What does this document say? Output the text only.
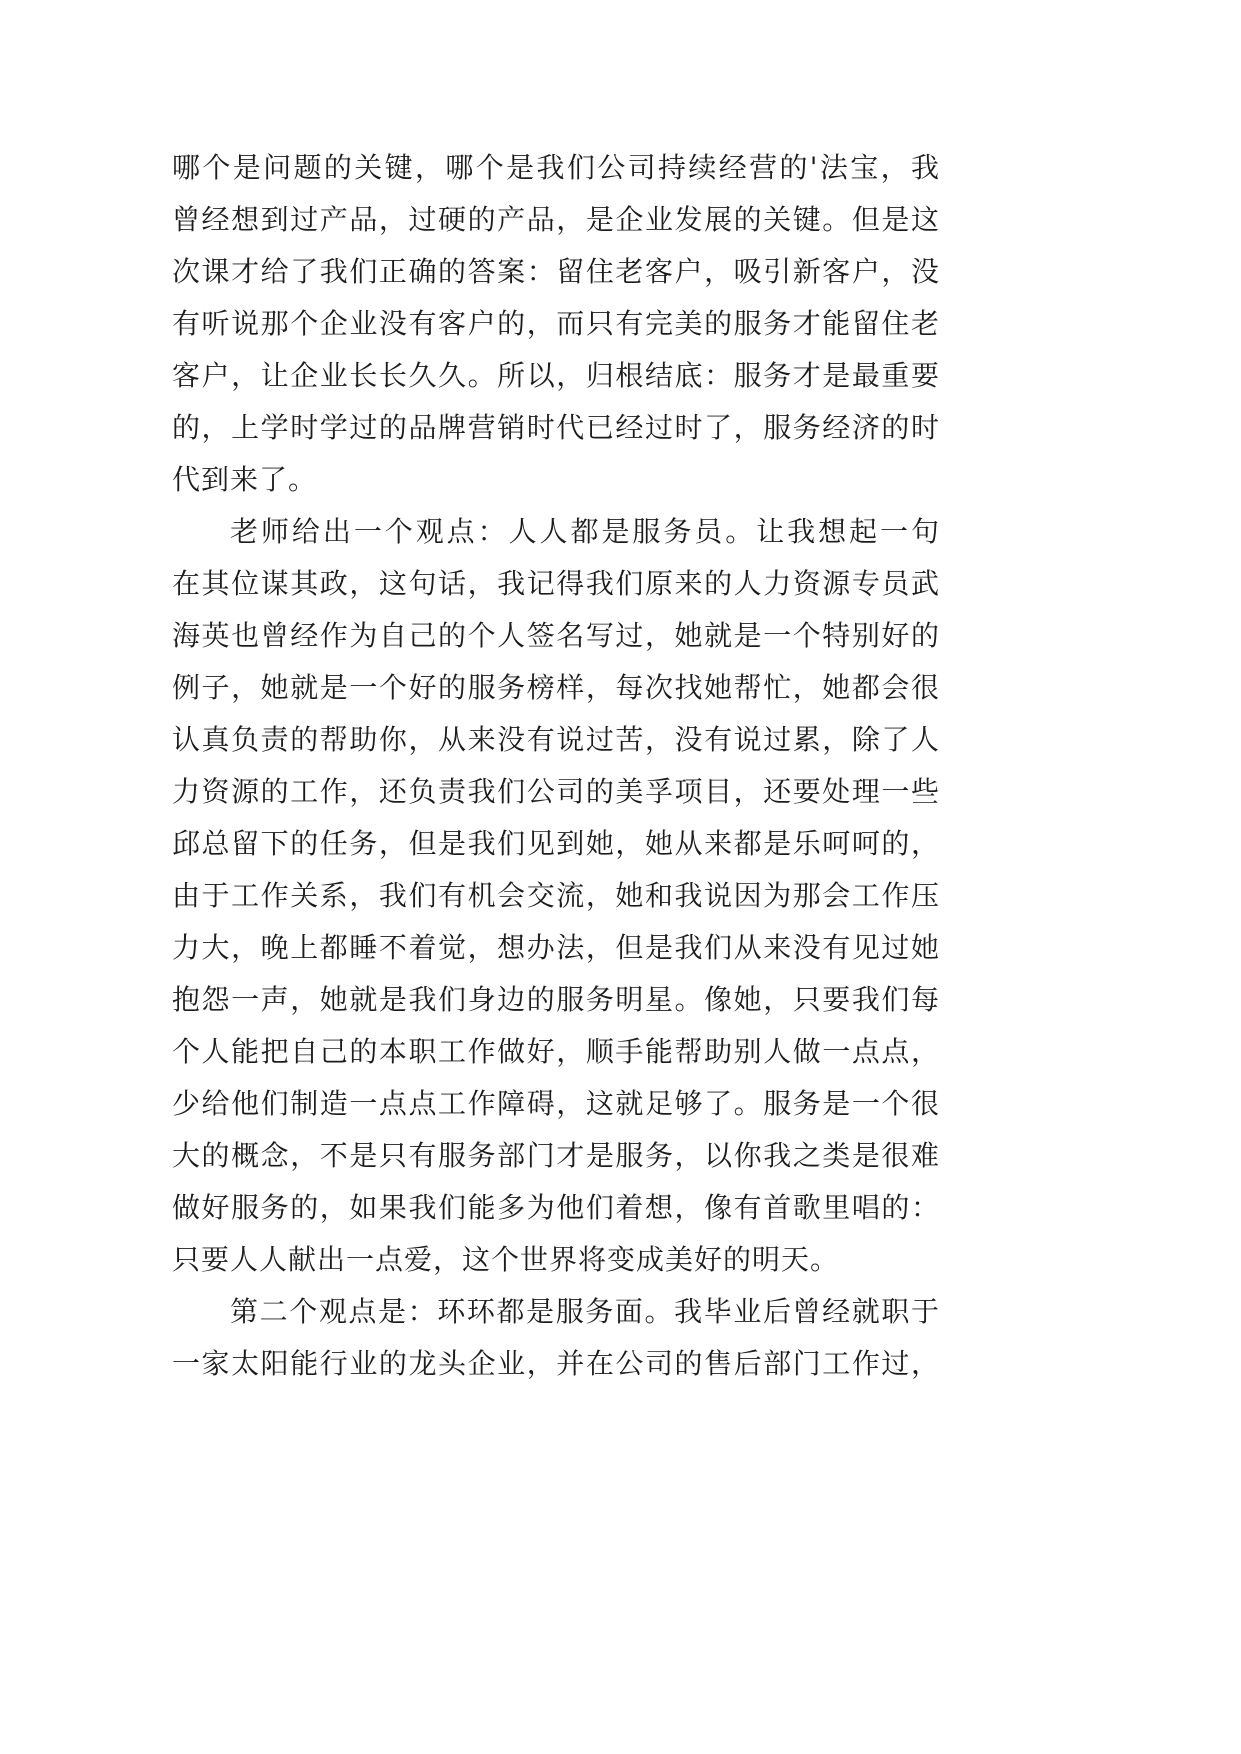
哪个是问题的关键，哪个是我们公司持续经营的'法宝，我
曾经想到过产品，过硬的产品，是企业发展的关键。但是这
次课才给了我们正确的答案：留住老客户，吸引新客户，没
有听说那个企业没有客户的，而只有完美的服务才能留住老
客户，让企业长长久久。所以，归根结底：服务才是最重要
的，上学时学过的品牌营销时代已经过时了，服务经济的时
代到来了。
老师给出一个观点：人人都是服务员。让我想起一句
在其位谋其政，这句话，我记得我们原来的人力资源专员武
海英也曾经作为自己的个人签名写过，她就是一个特别好的
例子，她就是一个好的服务榜样，每次找她帮忙，她都会很
认真负责的帮助你，从来没有说过苦，没有说过累，除了人
力资源的工作，还负责我们公司的美孚项目，还要处理一些
邱总留下的任务，但是我们见到她，她从来都是乐呵呵的，
由于工作关系，我们有机会交流，她和我说因为那会工作压
力大，晚上都睡不着觉，想办法，但是我们从来没有见过她
抱怨一声，她就是我们身边的服务明星。像她，只要我们每
个人能把自己的本职工作做好，顺手能帮助别人做一点点，
少给他们制造一点点工作障碍，这就足够了。服务是一个很
大的概念，不是只有服务部门才是服务，以你我之类是很难
做好服务的，如果我们能多为他们着想，像有首歌里唱的：
只要人人献出一点爱，这个世界将变成美好的明天。
第二个观点是：环环都是服务面。我毕业后曾经就职于
一家太阳能行业的龙头企业，并在公司的售后部门工作过，
